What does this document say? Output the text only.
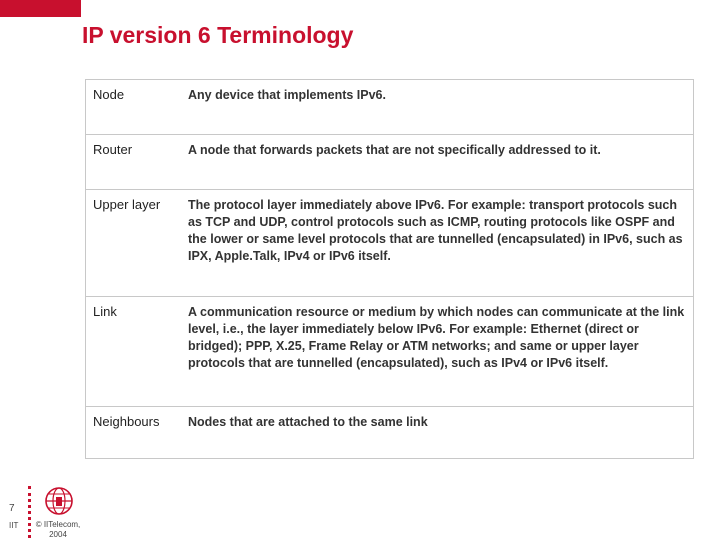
IP version 6 Terminology
Node	Any device that implements IPv6.
Router	A node that forwards packets that are not specifically addressed to it.
Upper layer	The protocol layer immediately above IPv6. For example: transport protocols such as TCP and UDP, control protocols such as ICMP, routing protocols like OSPF and the lower or same level protocols that are tunnelled (encapsulated) in IPv6, such as IPX, Apple.Talk, IPv4 or IPv6 itself.
Link	A communication resource or medium by which nodes can communicate at the link level, i.e., the layer immediately below IPv6. For example: Ethernet (direct or bridged); PPP, X.25, Frame Relay or ATM networks; and same or upper layer protocols that are tunnelled (encapsulated), such as IPv4 or IPv6 itself.
Neighbours	Nodes that are attached to the same link
7
IIT	© IITelecom,
2004
